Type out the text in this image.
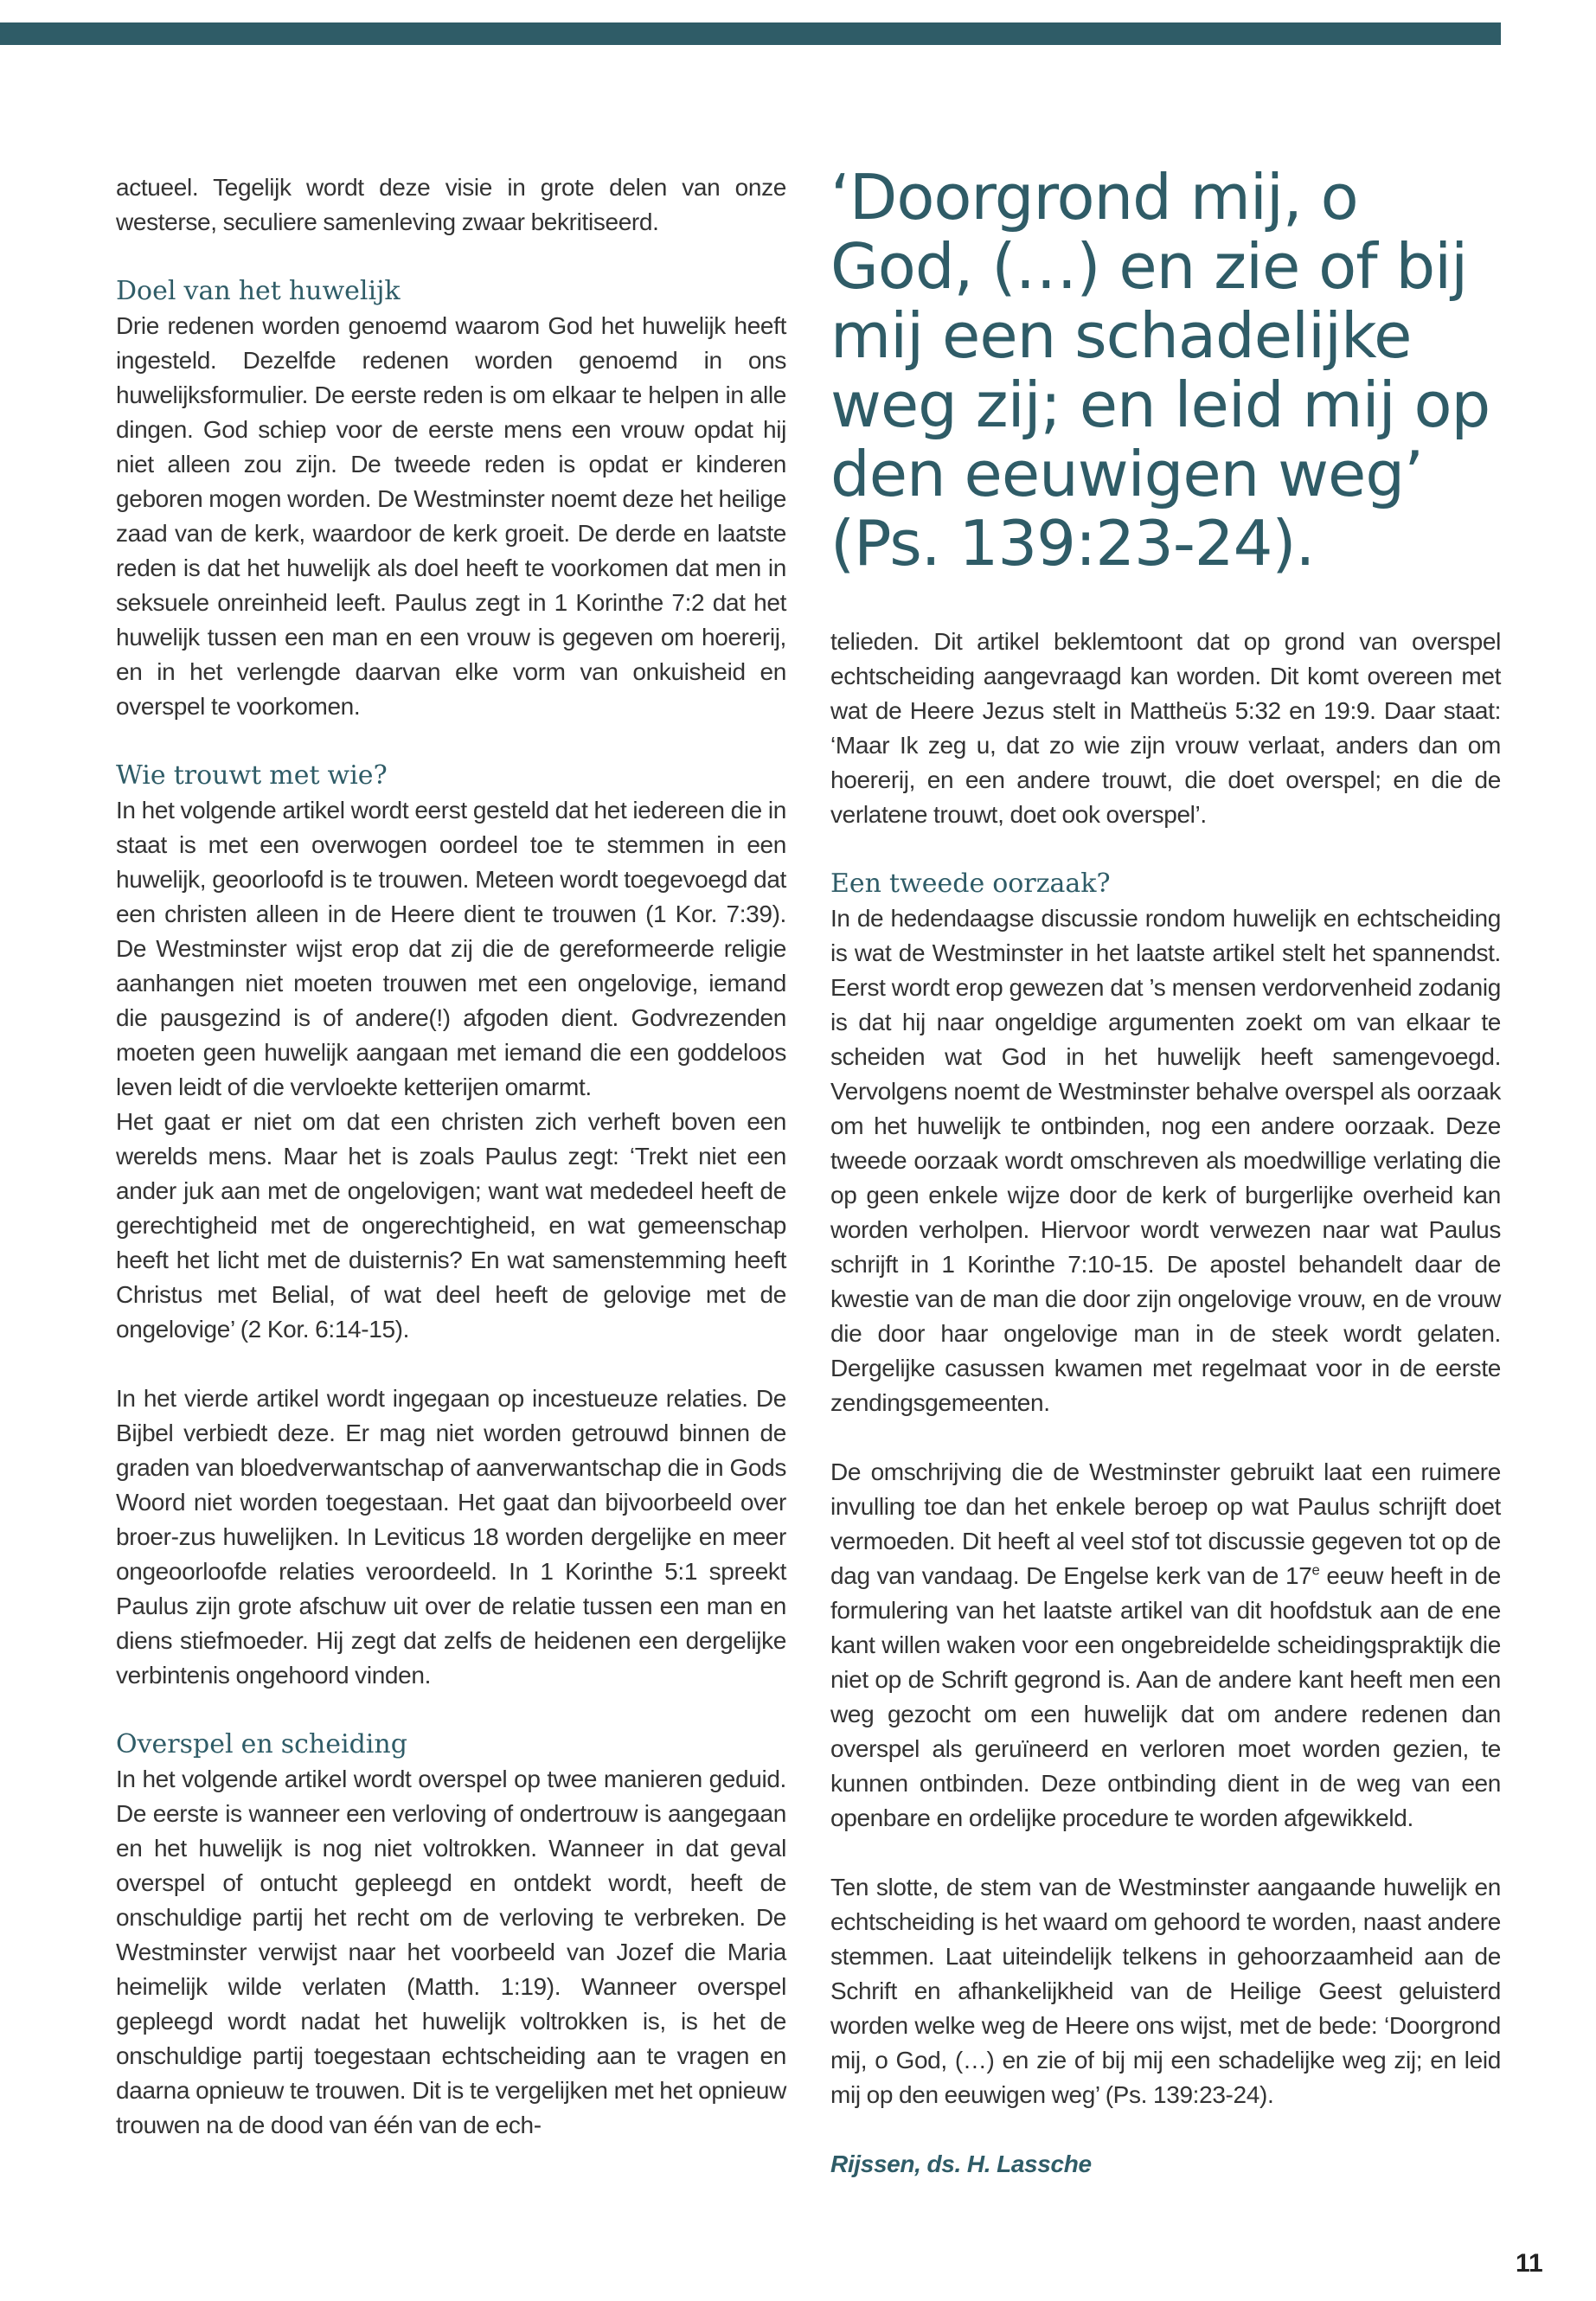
actueel. Tegelijk wordt deze visie in grote delen van onze westerse, seculiere samenleving zwaar bekritiseerd.

Doel van het huwelijk

Drie redenen worden genoemd waarom God het huwelijk heeft ingesteld. Dezelfde redenen worden genoemd in ons huwelijksformulier. De eerste reden is om elkaar te helpen in alle dingen. God schiep voor de eerste mens een vrouw opdat hij niet alleen zou zijn. De tweede reden is opdat er kinderen geboren mogen worden. De Westminster noemt deze het heilige zaad van de kerk, waardoor de kerk groeit. De derde en laatste reden is dat het huwelijk als doel heeft te voorkomen dat men in seksuele onreinheid leeft. Paulus zegt in 1 Korinthe 7:2 dat het huwelijk tussen een man en een vrouw is gegeven om hoererij, en in het verlengde daarvan elke vorm van onkuisheid en overspel te voorkomen.

Wie trouwt met wie?

In het volgende artikel wordt eerst gesteld dat het iedereen die in staat is met een overwogen oordeel toe te stemmen in een huwelijk, geoorloofd is te trouwen. Meteen wordt toegevoegd dat een christen alleen in de Heere dient te trouwen (1 Kor. 7:39). De Westminster wijst erop dat zij die de gereformeerde religie aanhangen niet moeten trouwen met een ongelovige, iemand die pausgezind is of andere(!) afgoden dient. Godvrezenden moeten geen huwelijk aangaan met iemand die een goddeloos leven leidt of die vervloekte ketterijen omarmt.

Het gaat er niet om dat een christen zich verheft boven een werelds mens. Maar het is zoals Paulus zegt: ‘Trekt niet een ander juk aan met de ongelovigen; want wat mededeel heeft de gerechtigheid met de ongerechtigheid, en wat gemeenschap heeft het licht met de duisternis? En wat samenstemming heeft Christus met Belial, of wat deel heeft de gelovige met de ongelovige’ (2 Kor. 6:14-15).

In het vierde artikel wordt ingegaan op incestueuze relaties. De Bijbel verbiedt deze. Er mag niet worden getrouwd binnen de graden van bloedverwantschap of aanverwantschap die in Gods Woord niet worden toegestaan. Het gaat dan bijvoorbeeld over broer-zus huwelijken. In Leviticus 18 worden dergelijke en meer ongeoorloofde relaties veroordeeld. In 1 Korinthe 5:1 spreekt Paulus zijn grote afschuw uit over de relatie tussen een man en diens stiefmoeder. Hij zegt dat zelfs de heidenen een dergelijke verbintenis ongehoord vinden.

Overspel en scheiding

In het volgende artikel wordt overspel op twee manieren geduid. De eerste is wanneer een verloving of ondertrouw is aangegaan en het huwelijk is nog niet voltrokken. Wanneer in dat geval overspel of ontucht gepleegd en ontdekt wordt, heeft de onschuldige partij het recht om de verloving te verbreken. De Westminster verwijst naar het voorbeeld van Jozef die Maria heimelijk wilde verlaten (Matth. 1:19). Wanneer overspel gepleegd wordt nadat het huwelijk voltrokken is, is het de onschuldige partij toegestaan echtscheiding aan te vragen en daarna opnieuw te trouwen. Dit is te vergelijken met het opnieuw trouwen na de dood van één van de ech-

‘Doorgrond mij, o God, (…) en zie of bij mij een schadelijke weg zij; en leid mij op den eeuwigen weg’ (Ps. 139:23-24).

telieden. Dit artikel beklemtoont dat op grond van overspel echtscheiding aangevraagd kan worden. Dit komt overeen met wat de Heere Jezus stelt in Mattheüs 5:32 en 19:9. Daar staat: ‘Maar Ik zeg u, dat zo wie zijn vrouw verlaat, anders dan om hoererij, en een andere trouwt, die doet overspel; en die de verlatene trouwt, doet ook overspel’.

Een tweede oorzaak?

In de hedendaagse discussie rondom huwelijk en echtscheiding is wat de Westminster in het laatste artikel stelt het spannendst. Eerst wordt erop gewezen dat ’s mensen verdorvenheid zodanig is dat hij naar ongeldige argumenten zoekt om van elkaar te scheiden wat God in het huwelijk heeft samengevoegd. Vervolgens noemt de Westminster behalve overspel als oorzaak om het huwelijk te ontbinden, nog een andere oorzaak. Deze tweede oorzaak wordt omschreven als moedwillige verlating die op geen enkele wijze door de kerk of burgerlijke overheid kan worden verholpen. Hiervoor wordt verwezen naar wat Paulus schrijft in 1 Korinthe 7:10-15. De apostel behandelt daar de kwestie van de man die door zijn ongelovige vrouw, en de vrouw die door haar ongelovige man in de steek wordt gelaten. Dergelijke casussen kwamen met regelmaat voor in de eerste zendingsgemeenten.

De omschrijving die de Westminster gebruikt laat een ruimere invulling toe dan het enkele beroep op wat Paulus schrijft doet vermoeden. Dit heeft al veel stof tot discussie gegeven tot op de dag van vandaag. De Engelse kerk van de 17e eeuw heeft in de formulering van het laatste artikel van dit hoofdstuk aan de ene kant willen waken voor een ongebreidelde scheidingspraktijk die niet op de Schrift gegrond is. Aan de andere kant heeft men een weg gezocht om een huwelijk dat om andere redenen dan overspel als geruïneerd en verloren moet worden gezien, te kunnen ontbinden. Deze ontbinding dient in de weg van een openbare en ordelijke procedure te worden afgewikkeld.

Ten slotte, de stem van de Westminster aangaande huwelijk en echtscheiding is het waard om gehoord te worden, naast andere stemmen. Laat uiteindelijk telkens in gehoorzaamheid aan de Schrift en afhankelijkheid van de Heilige Geest geluisterd worden welke weg de Heere ons wijst, met de bede: ‘Doorgrond mij, o God, (…) en zie of bij mij een schadelijke weg zij; en leid mij op den eeuwigen weg’ (Ps. 139:23-24).

Rijssen, ds. H. Lassche

11
